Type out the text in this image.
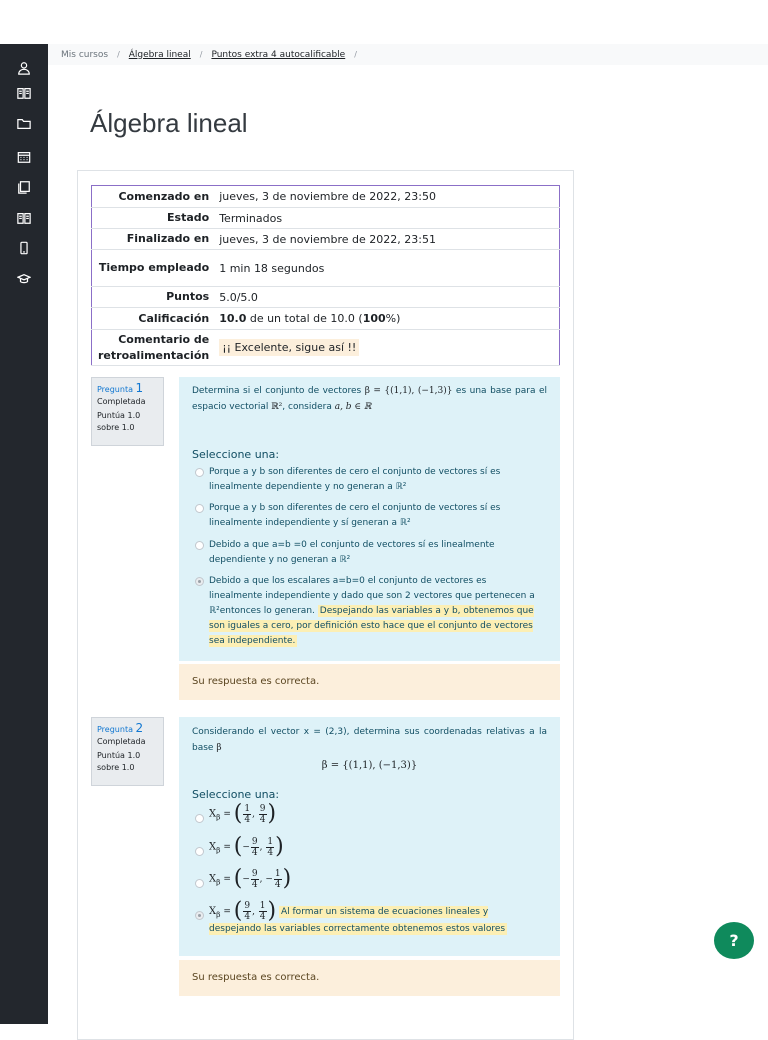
Mis cursos / Álgebra lineal / Puntos extra 4 autocalificable /
Álgebra lineal
Comenzado en	jueves, 3 de noviembre de 2022, 23:50
Estado	Terminados
Finalizado en	jueves, 3 de noviembre de 2022, 23:51
Tiempo empleado	1 min 18 segundos
Puntos	5.0/5.0
Calificación	10.0 de un total de 10.0 (100%)
Comentario de retroalimentación	¡¡ Excelente, sigue así !!
Pregunta 1
Completada
Puntúa 1.0 sobre 1.0
Determina si el conjunto de vectores β = {(1,1), (−1,3)} es una base para el espacio vectorial ℝ², considera a, b ∈ ℝ
Seleccione una:
Porque a y b son diferentes de cero el conjunto de vectores sí es linealmente dependiente y no generan a ℝ²
Porque a y b son diferentes de cero el conjunto de vectores sí es linealmente independiente y sí generan a ℝ²
Debido a que a=b =0 el conjunto de vectores sí es linealmente dependiente y no generan a ℝ²
Debido a que los escalares a=b=0 el conjunto de vectores es linealmente independiente y dado que son 2 vectores que pertenecen a ℝ²entonces lo generan. Despejando las variables a y b, obtenemos que son iguales a cero, por definición esto hace que el conjunto de vectores sea independiente.
Su respuesta es correcta.
Pregunta 2
Completada
Puntúa 1.0 sobre 1.0
Considerando el vector x = (2,3), determina sus coordenadas relativas a la base β
β = {(1,1), (−1,3)}
Seleccione una:
$X_\beta$ = ( $\frac{1}{4}$ , $\frac{9}{4}$ )
$X_\beta$ = (− $\frac{9}{4}$ , $\frac{1}{4}$ )
$X_\beta$ = (− $\frac{9}{4}$ , − $\frac{1}{4}$ )
$X_\beta$ = ( $\frac{9}{4}$ , $\frac{1}{4}$ ) Al formar un sistema de ecuaciones lineales y despejando las variables correctamente obtenemos estos valores
Su respuesta es correcta.
?
